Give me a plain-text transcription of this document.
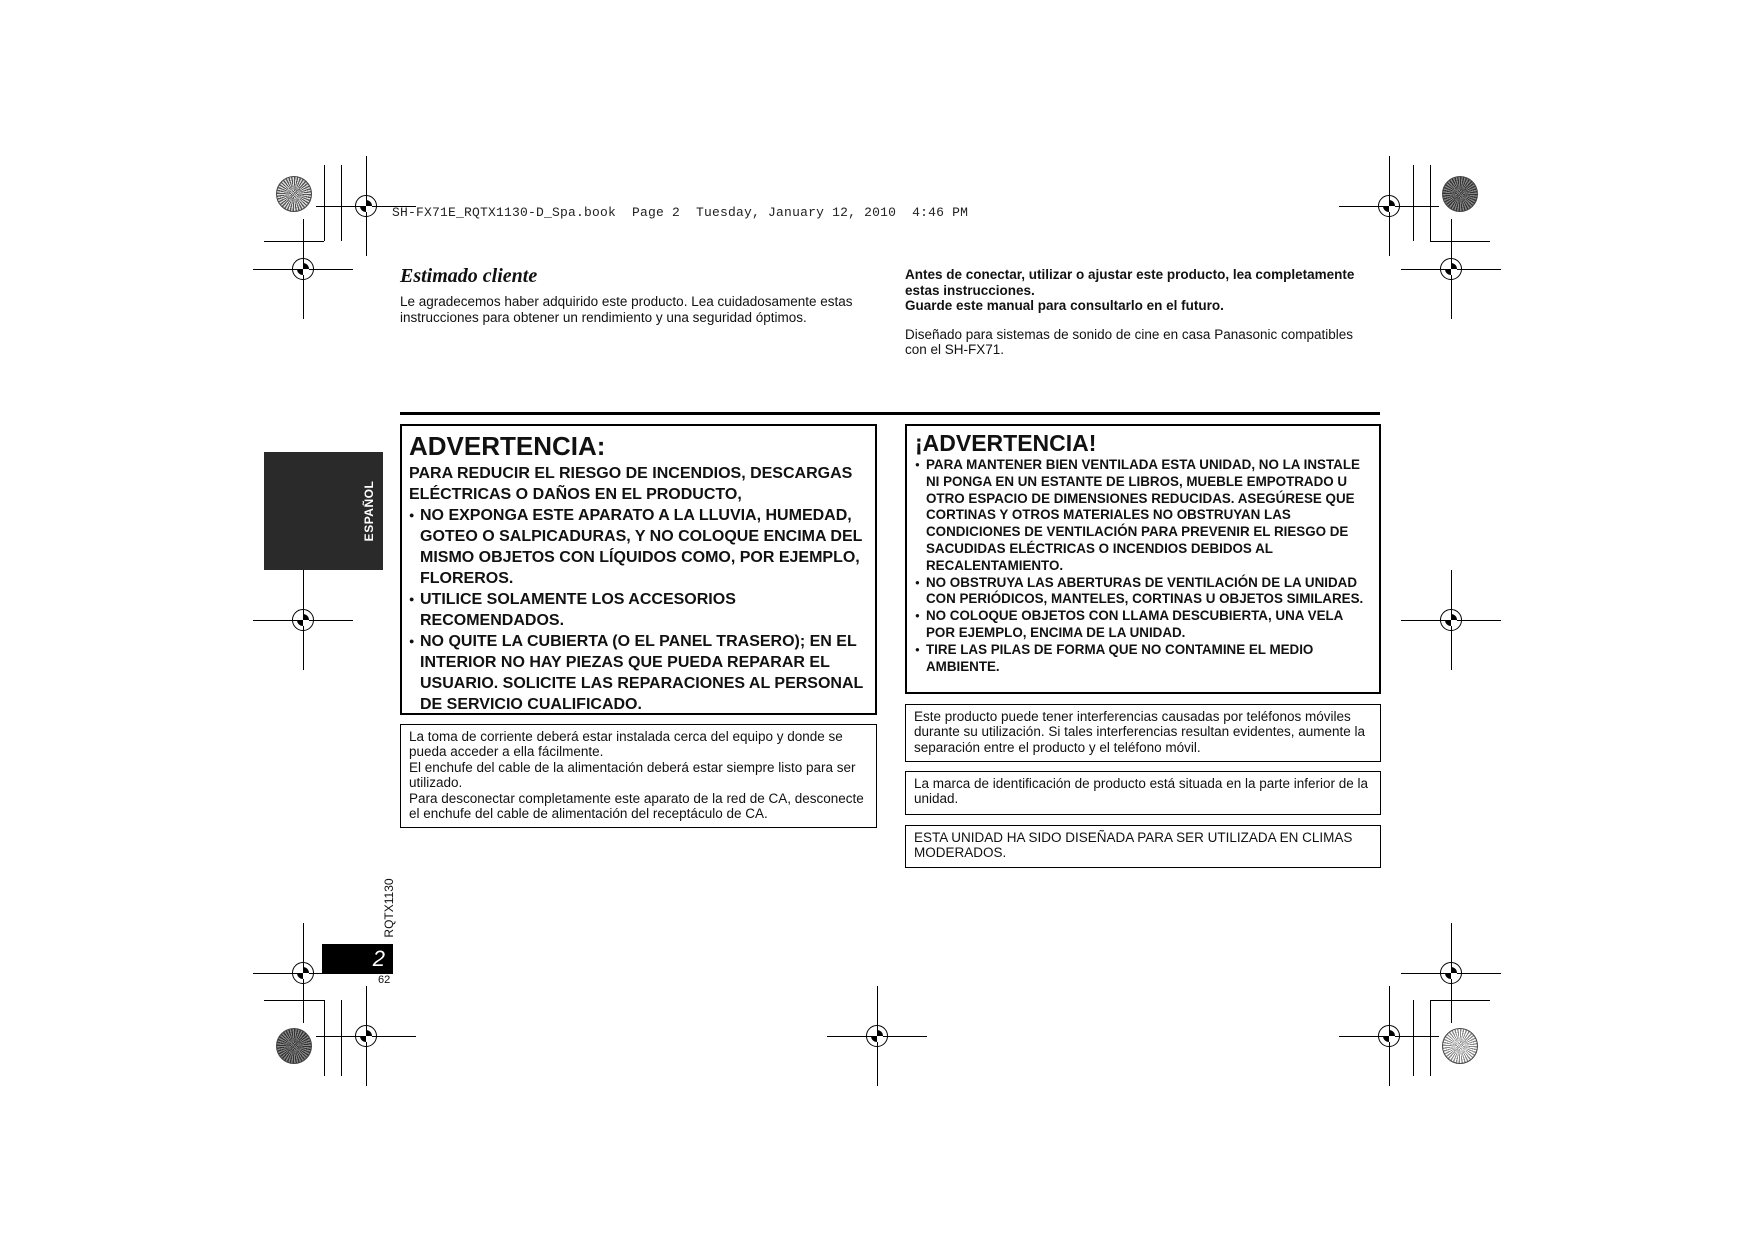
SH-FX71E_RQTX1130-D_Spa.book  Page 2  Tuesday, January 12, 2010  4:46 PM
ESPAÑOL
Estimado cliente
Le agradecemos haber adquirido este producto. Lea cuidadosamente estas instrucciones para obtener un rendimiento y una seguridad óptimos.
Antes de conectar, utilizar o ajustar este producto, lea completamente estas instrucciones.
Guarde este manual para consultarlo en el futuro.
Diseñado para sistemas de sonido de cine en casa Panasonic compatibles con el SH-FX71.
ADVERTENCIA:
PARA REDUCIR EL RIESGO DE INCENDIOS, DESCARGAS ELÉCTRICAS O DAÑOS EN EL PRODUCTO,
● NO EXPONGA ESTE APARATO A LA LLUVIA, HUMEDAD, GOTEO O SALPICADURAS, Y NO COLOQUE ENCIMA DEL MISMO OBJETOS CON LÍQUIDOS COMO, POR EJEMPLO, FLOREROS.
● UTILICE SOLAMENTE LOS ACCESORIOS RECOMENDADOS.
● NO QUITE LA CUBIERTA (O EL PANEL TRASERO); EN EL INTERIOR NO HAY PIEZAS QUE PUEDA REPARAR EL USUARIO. SOLICITE LAS REPARACIONES AL PERSONAL DE SERVICIO CUALIFICADO.
¡ADVERTENCIA!
● PARA MANTENER BIEN VENTILADA ESTA UNIDAD, NO LA INSTALE NI PONGA EN UN ESTANTE DE LIBROS, MUEBLE EMPOTRADO U OTRO ESPACIO DE DIMENSIONES REDUCIDAS. ASEGÚRESE QUE CORTINAS Y OTROS MATERIALES NO OBSTRUYAN LAS CONDICIONES DE VENTILACIÓN PARA PREVENIR EL RIESGO DE SACUDIDAS ELÉCTRICAS O INCENDIOS DEBIDOS AL RECALENTAMIENTO.
● NO OBSTRUYA LAS ABERTURAS DE VENTILACIÓN DE LA UNIDAD CON PERIÓDICOS, MANTELES, CORTINAS U OBJETOS SIMILARES.
● NO COLOQUE OBJETOS CON LLAMA DESCUBIERTA, UNA VELA POR EJEMPLO, ENCIMA DE LA UNIDAD.
● TIRE LAS PILAS DE FORMA QUE NO CONTAMINE EL MEDIO AMBIENTE.
La toma de corriente deberá estar instalada cerca del equipo y donde se pueda acceder a ella fácilmente.
El enchufe del cable de la alimentación deberá estar siempre listo para ser utilizado.
Para desconectar completamente este aparato de la red de CA, desconecte el enchufe del cable de alimentación del receptáculo de CA.
Este producto puede tener interferencias causadas por teléfonos móviles durante su utilización. Si tales interferencias resultan evidentes, aumente la separación entre el producto y el teléfono móvil.
La marca de identificación de producto está situada en la parte inferior de la unidad.
ESTA UNIDAD HA SIDO DISEÑADA PARA SER UTILIZADA EN CLIMAS MODERADOS.
RQTX1130
2
62
